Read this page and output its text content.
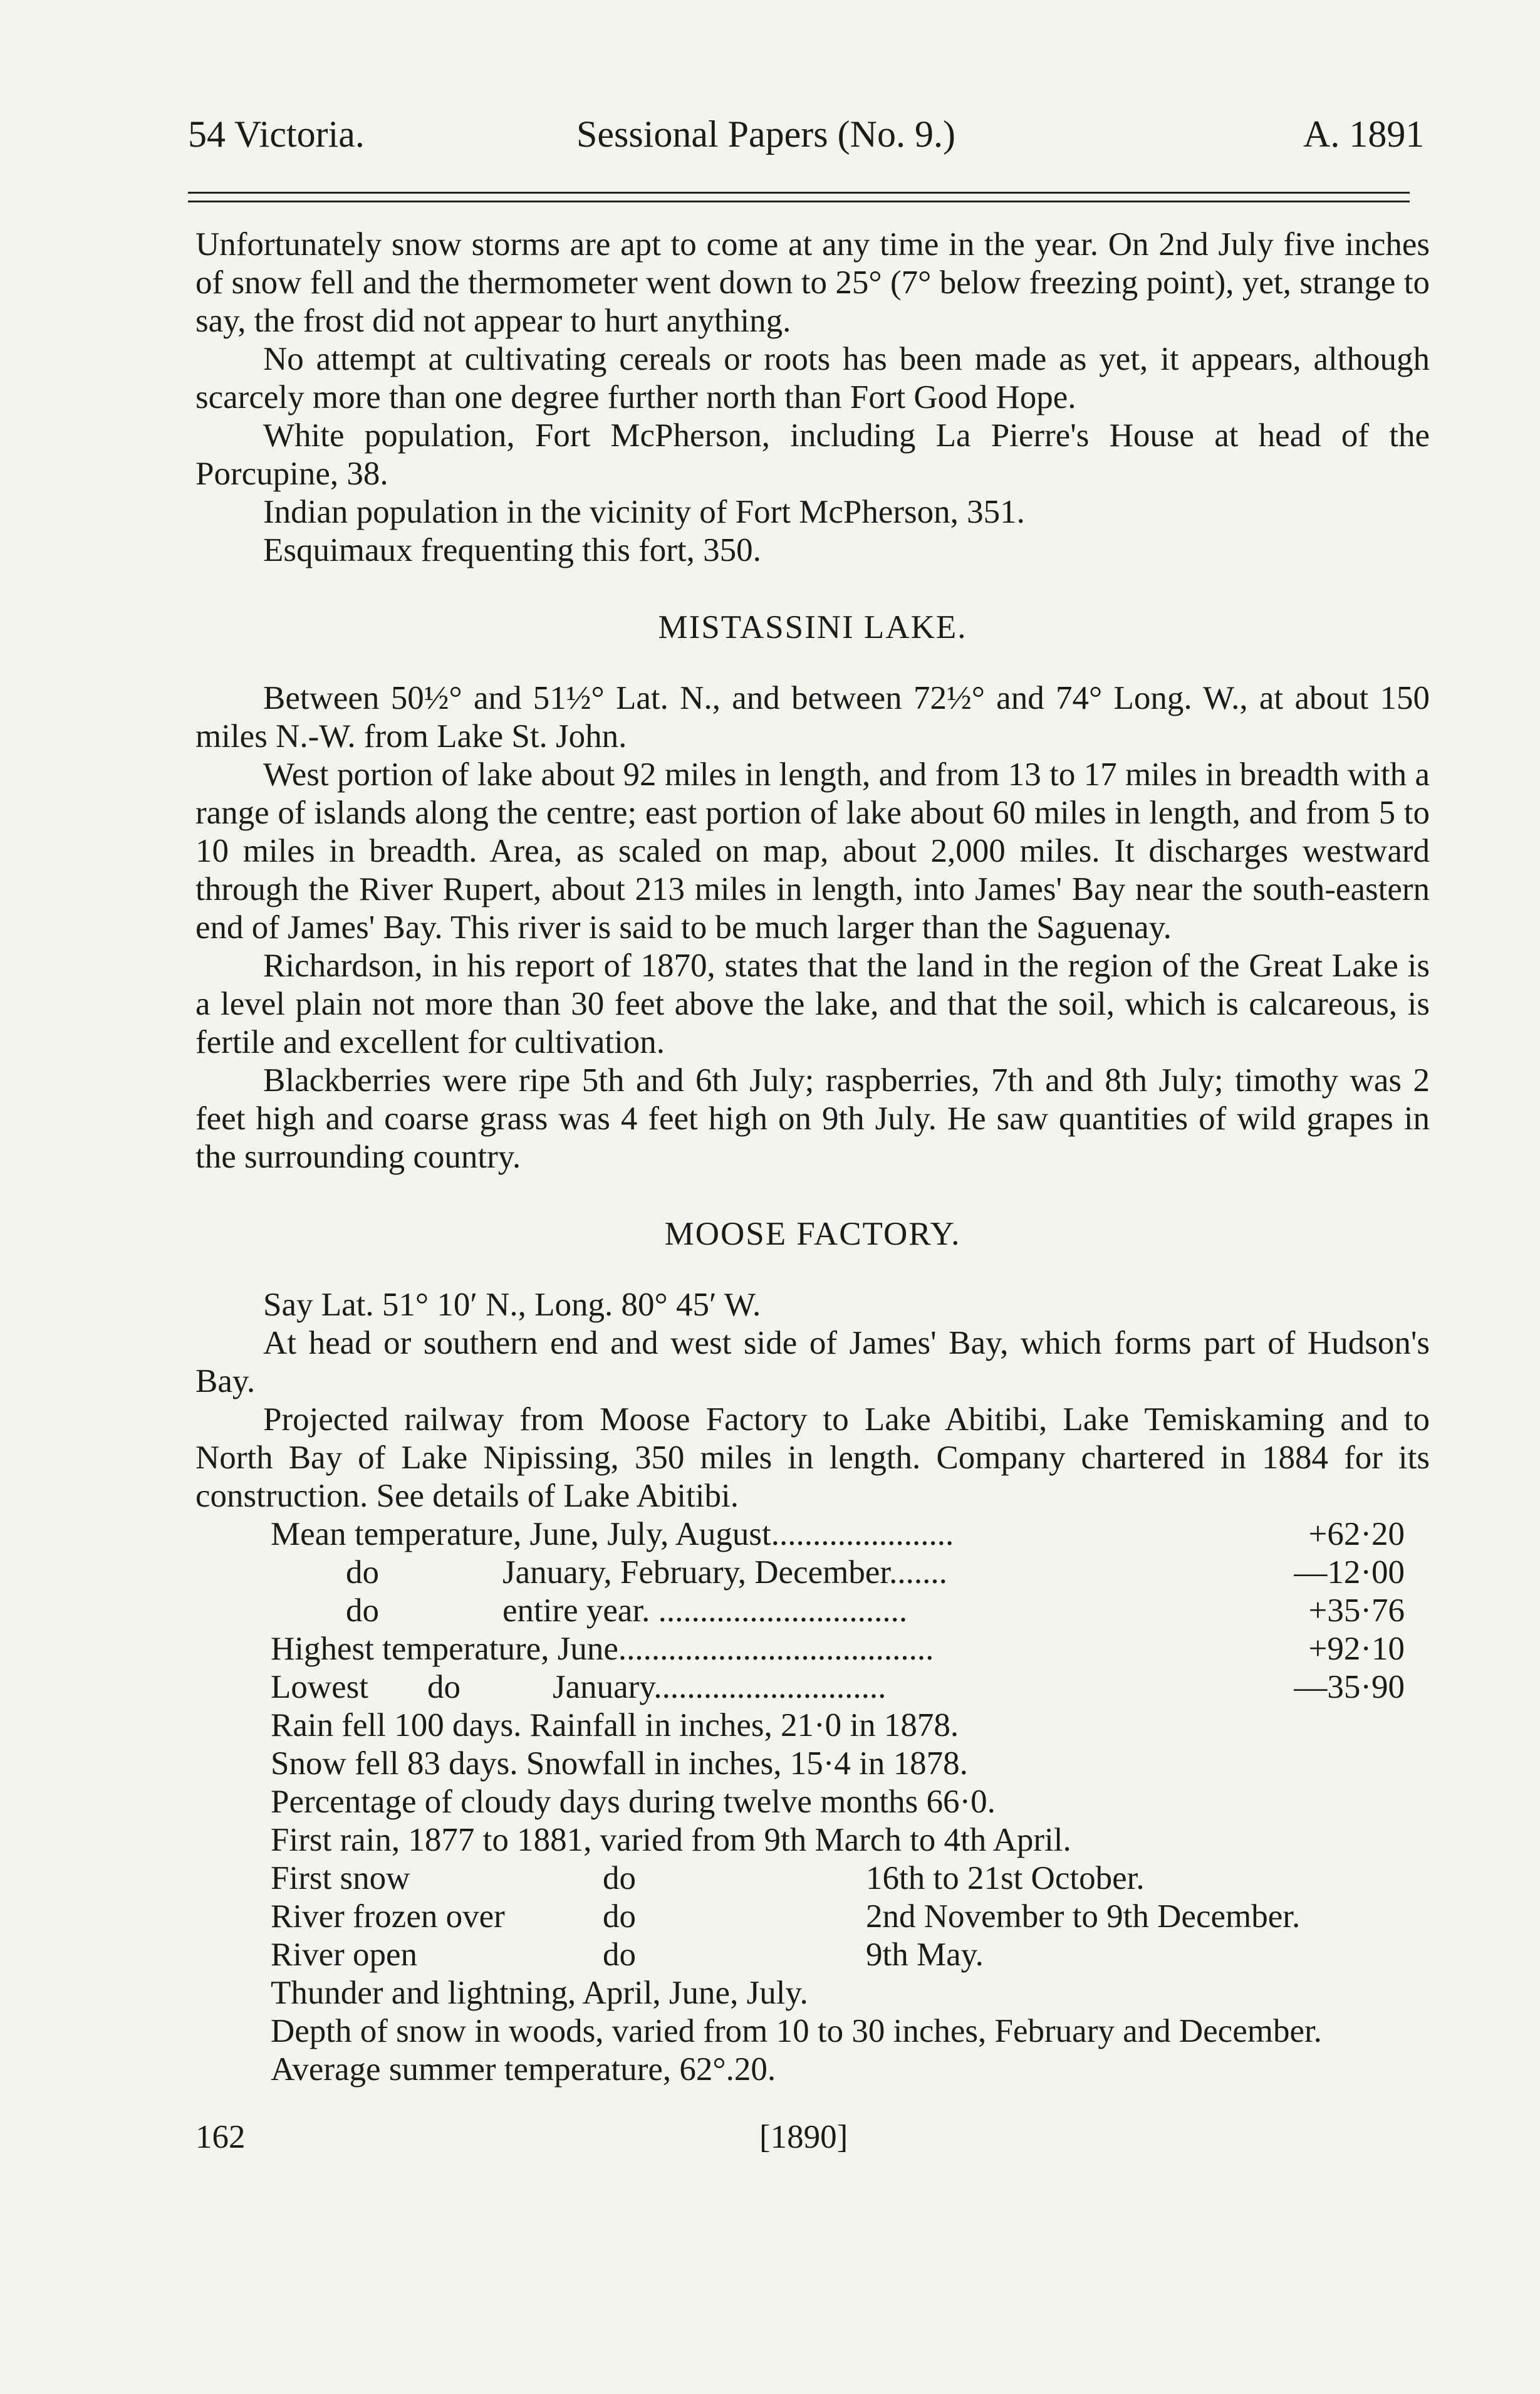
54 Victoria.	Sessional Papers (No. 9.)	A. 1891

Unfortunately snow storms are apt to come at any time in the year. On 2nd July five inches of snow fell and the thermometer went down to 25° (7° below freezing point), yet, strange to say, the frost did not appear to hurt anything.

No attempt at cultivating cereals or roots has been made as yet, it appears, although scarcely more than one degree further north than Fort Good Hope.

White population, Fort McPherson, including La Pierre's House at head of the Porcupine, 38.

Indian population in the vicinity of Fort McPherson, 351.

Esquimaux frequenting this fort, 350.

MISTASSINI LAKE.

Between 50½° and 51½° Lat. N., and between 72½° and 74° Long. W., at about 150 miles N.-W. from Lake St. John.

West portion of lake about 92 miles in length, and from 13 to 17 miles in breadth with a range of islands along the centre; east portion of lake about 60 miles in length, and from 5 to 10 miles in breadth. Area, as scaled on map, about 2,000 miles. It discharges westward through the River Rupert, about 213 miles in length, into James' Bay near the south-eastern end of James' Bay. This river is said to be much larger than the Saguenay.

Richardson, in his report of 1870, states that the land in the region of the Great Lake is a level plain not more than 30 feet above the lake, and that the soil, which is calcareous, is fertile and excellent for cultivation.

Blackberries were ripe 5th and 6th July; raspberries, 7th and 8th July; timothy was 2 feet high and coarse grass was 4 feet high on 9th July. He saw quantities of wild grapes in the surrounding country.

MOOSE FACTORY.

Say Lat. 51° 10′ N., Long. 80° 45′ W.

At head or southern end and west side of James' Bay, which forms part of Hudson's Bay.

Projected railway from Moose Factory to Lake Abitibi, Lake Temiskaming and to North Bay of Lake Nipissing, 350 miles in length. Company chartered in 1884 for its construction. See details of Lake Abitibi.

Mean temperature, June, July, August......................	+62·20
do	January, February, December.......	—12·00
do	entire year. ..............................	+35·76
Highest temperature, June......................................	+92·10
Lowest do	January............................	—35·90

Rain fell 100 days. Rainfall in inches, 21·0 in 1878.

Snow fell 83 days. Snowfall in inches, 15·4 in 1878.

Percentage of cloudy days during twelve months 66·0.

First rain, 1877 to 1881, varied from 9th March to 4th April.

First snow	do	16th to 21st October.
River frozen over	do	2nd November to 9th December.
River open	do	9th May.

Thunder and lightning, April, June, July.

Depth of snow in woods, varied from 10 to 30 inches, February and December.

Average summer temperature, 62°.20.

162	[1890]
